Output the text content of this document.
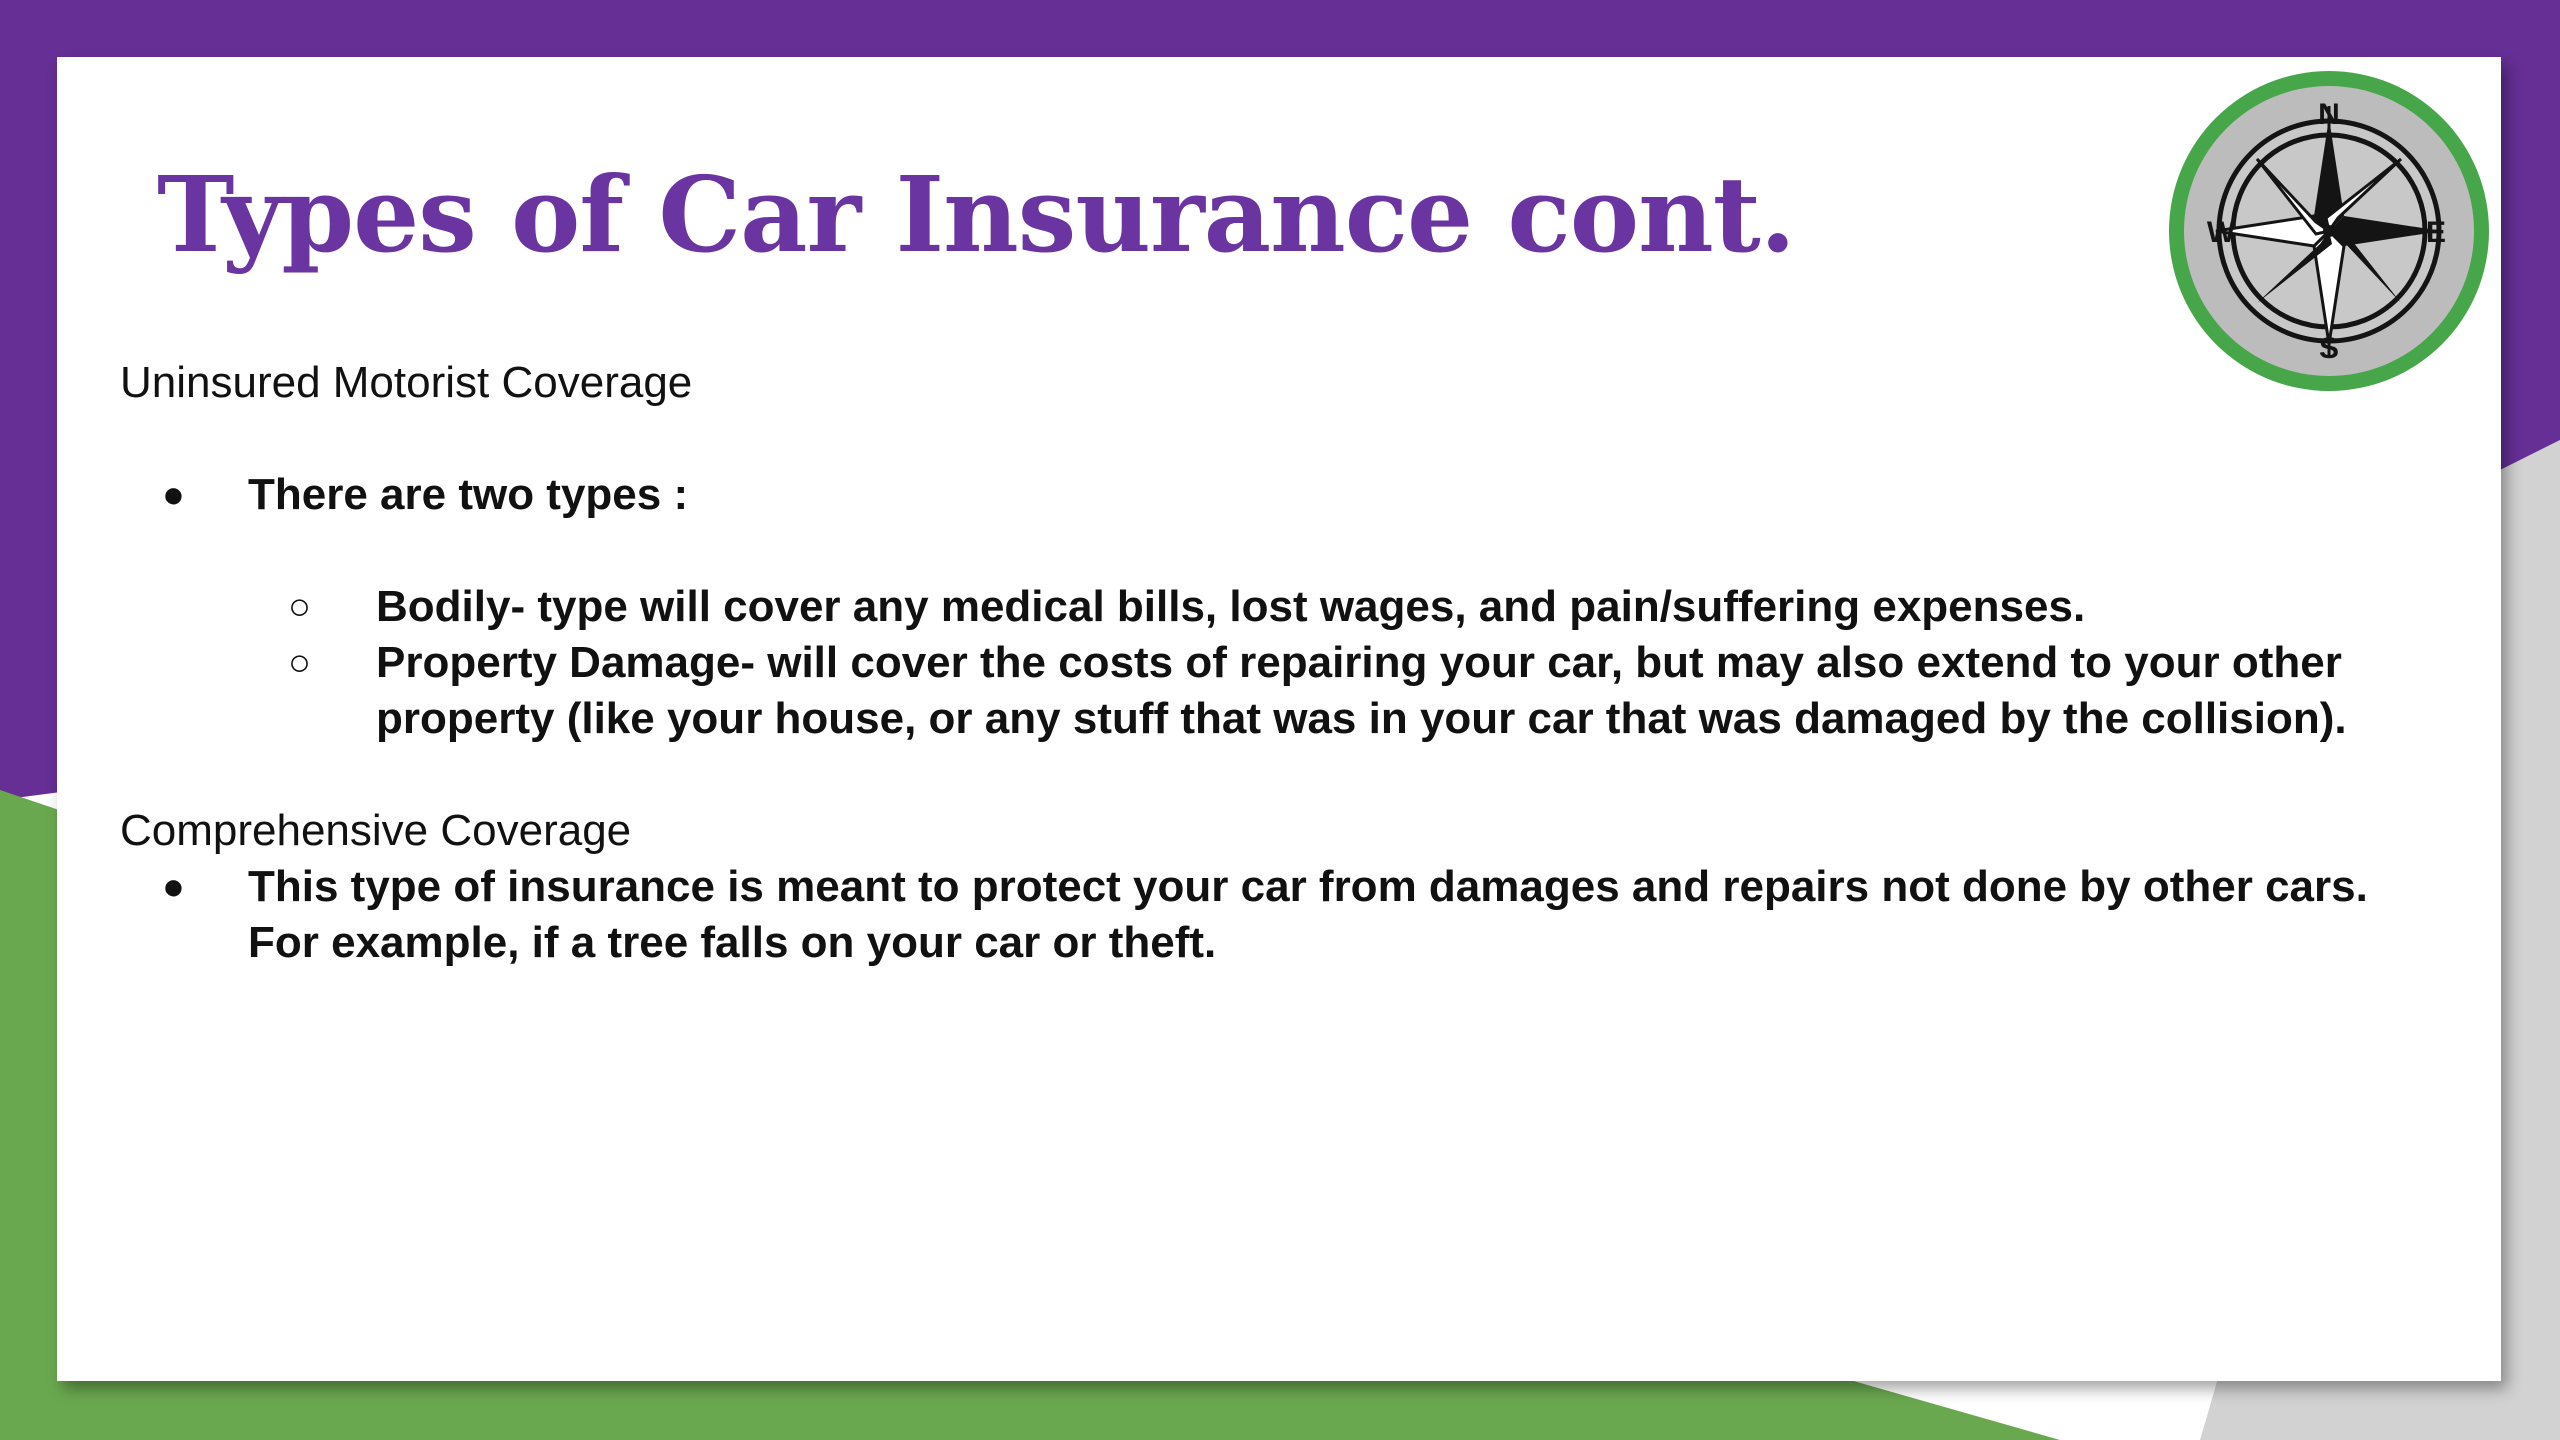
Types of Car Insurance cont.
N
S
E
W
Uninsured Motorist Coverage
● There are two types :
○ Bodily- type will cover any medical bills, lost wages, and pain/suffering expenses.
○ Property Damage- will cover the costs of repairing your car, but may also extend to your other property (like your house, or any stuff that was in your car that was damaged by the collision).
Comprehensive Coverage
● This type of insurance is meant to protect your car from damages and repairs not done by other cars. For example, if a tree falls on your car or theft.
